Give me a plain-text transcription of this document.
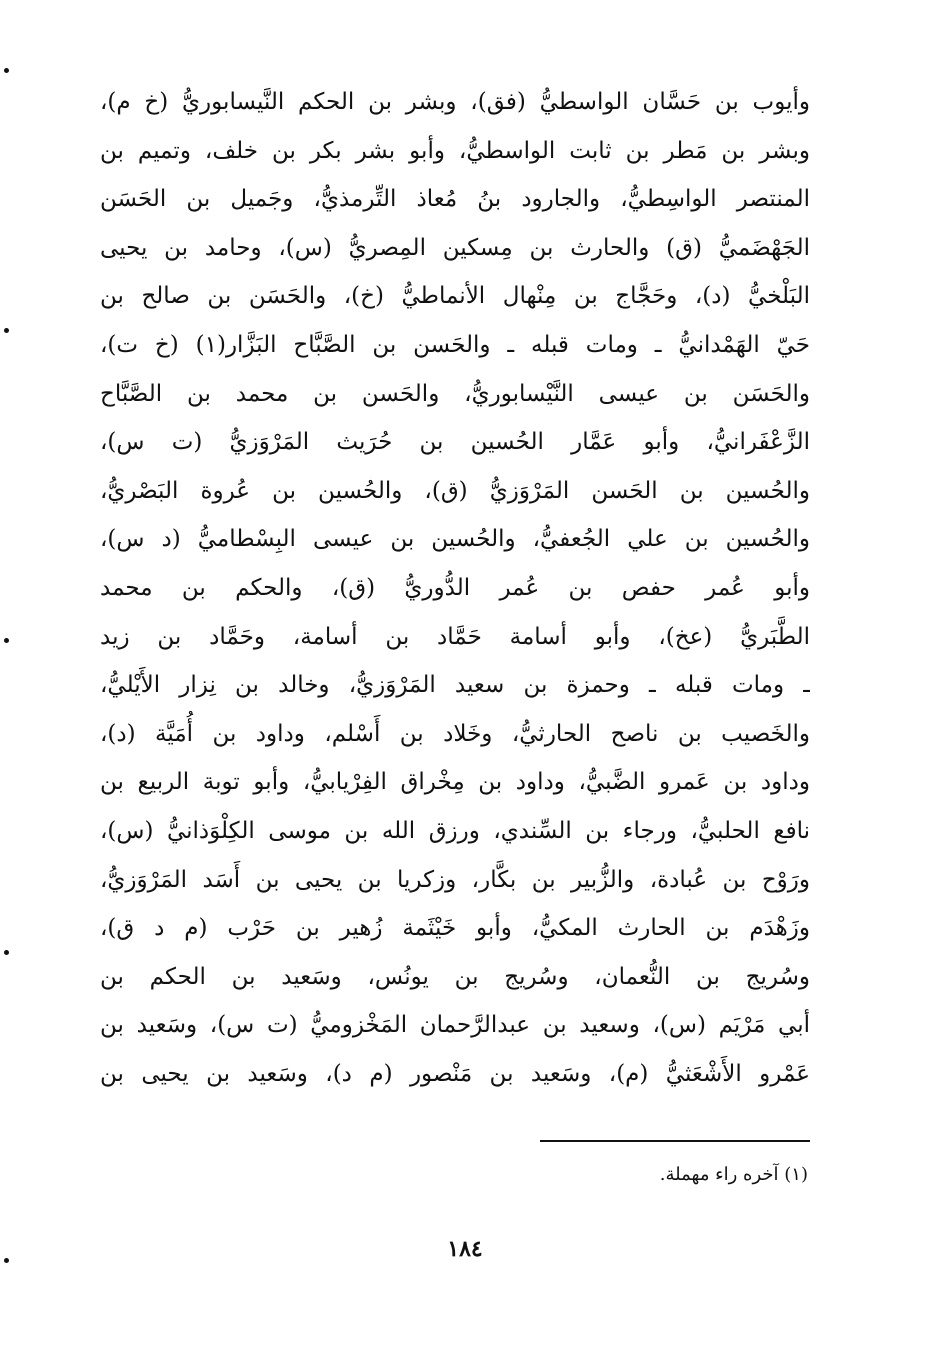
وأيوب بن حَسَّان الواسطيُّ (فق)، وبشر بن الحكم النَّيسابوريُّ (خ م)،
وبشر بن مَطر بن ثابت الواسطيُّ، وأبو بشر بكر بن خلف، وتميم بن
المنتصر الواسِطيُّ، والجارود بنُ مُعاذ التِّرمذيُّ، وجَميل بن الحَسَن
الجَهْضَميُّ (ق) والحارث بن مِسكين المِصريُّ (س)، وحامد بن يحيى
البَلْخيُّ (د)، وحَجَّاج بن مِنْهال الأنماطيُّ (خ)، والحَسَن بن صالح بن
حَيّ الهَمْدانيُّ ـ ومات قبله ـ والحَسن بن الصَّبَّاح البَزَّار(١) (خ ت)،
والحَسَن بن عيسى النَّيْسابوريُّ، والحَسن بن محمد بن الصَّبَّاح
الزَّعْفَرانيُّ، وأبو عَمَّار الحُسين بن حُرَيث المَرْوَزيُّ (ت س)،
والحُسين بن الحَسن المَرْوَزيُّ (ق)، والحُسين بن عُروة البَصْريُّ،
والحُسين بن علي الجُعفيُّ، والحُسين بن عيسى البِسْطاميُّ (د س)،
وأبو عُمر حفص بن عُمر الدُّوريُّ (ق)، والحكم بن محمد
الطَّبَريُّ (عخ)، وأبو أسامة حَمَّاد بن أسامة، وحَمَّاد بن زيد
ـ ومات قبله ـ وحمزة بن سعيد المَرْوَزيُّ، وخالد بن نِزار الأَيْليُّ،
والخَصيب بن ناصح الحارثيُّ، وخَلاد بن أَسْلم، وداود بن أُمَيَّة (د)،
وداود بن عَمرو الضَّبيُّ، وداود بن مِخْراق الفِرْيابيُّ، وأبو توبة الربيع بن
نافع الحلبيُّ، ورجاء بن السِّندي، ورزق الله بن موسى الكِلْوَذانيُّ (س)،
ورَوْح بن عُبادة، والزُّبير بن بكَّار، وزكريا بن يحيى بن أَسَد المَرْوَزيُّ،
وزَهْدَم بن الحارث المكيُّ، وأبو خَيْثَمة زُهير بن حَرْب (م د ق)،
وسُريج بن النُّعمان، وسُريج بن يونُس، وسَعيد بن الحكم بن
أبي مَرْيَم (س)، وسعيد بن عبدالرَّحمان المَخْزوميُّ (ت س)، وسَعيد بن
عَمْرو الأَشْعَثيُّ (م)، وسَعيد بن مَنْصور (م د)، وسَعيد بن يحيى بن
(١) آخره راء مهملة.
١٨٤
